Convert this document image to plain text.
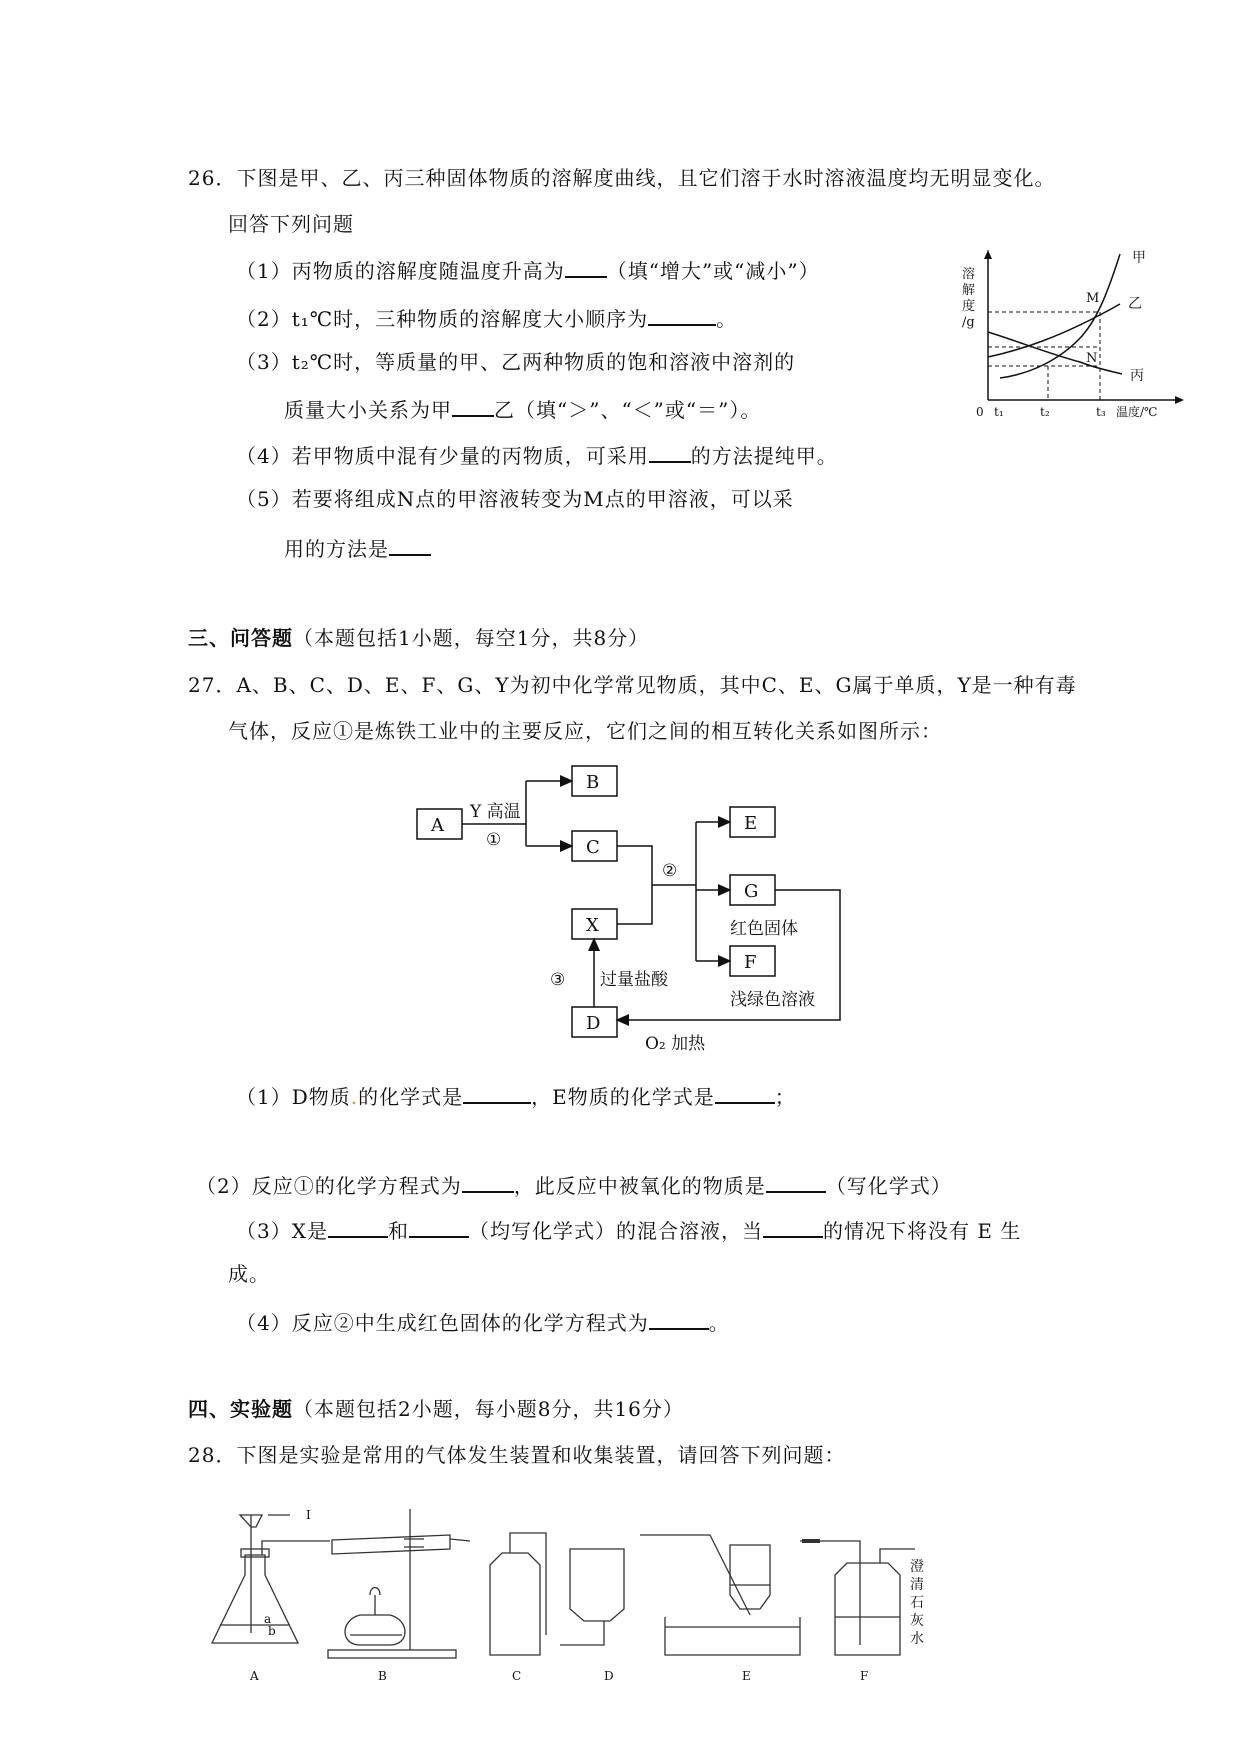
26．下图是甲、乙、丙三种固体物质的溶解度曲线，且它们溶于水时溶液温度均无明显变化。
回答下列问题
（1）丙物质的溶解度随温度升高为 （填“增大”或“减小”）
（2）t₁℃时，三种物质的溶解度大小顺序为	。
（3）t₂℃时，等质量的甲、乙两种物质的饱和溶液中溶剂的
质量大小关系为甲 乙（填“＞”、“＜”或“＝”）。
（4）若甲物质中混有少量的丙物质，可采用 的方法提纯甲。
（5）若要将组成N点的甲溶液转变为M点的甲溶液，可以采
用的方法是
溶
解
度
/g
甲
乙
丙
M
N
0 t₁	t₂	t₃ 温度/℃
三、问答题（本题包括1小题，每空1分，共8分）
27．A、B、C、D、E、F、G、Y为初中化学常见物质，其中C、E、G属于单质，Y是一种有毒
气体，反应①是炼铁工业中的主要反应，它们之间的相互转化关系如图所示：
A
B
C
X
D
E
G
F
Y 高温
①
②
③ 过量盐酸
红色固体
浅绿色溶液
O₂ 加热
（1）D物质.的化学式是	，E物质的化学式是	；
（2）反应①的化学方程式为	，此反应中被氧化的物质是	（写化学式）
（3）X是	和	（均写化学式）的混合溶液，当	的情况下将没有 E 生
成。
（4）反应②中生成红色固体的化学方程式为	。
四、实验题（本题包括2小题，每小题8分，共16分）
28．下图是实验是常用的气体发生装置和收集装置，请回答下列问题：
I
a
b
A	B	C	D	E	F
澄
清
石
灰
水
